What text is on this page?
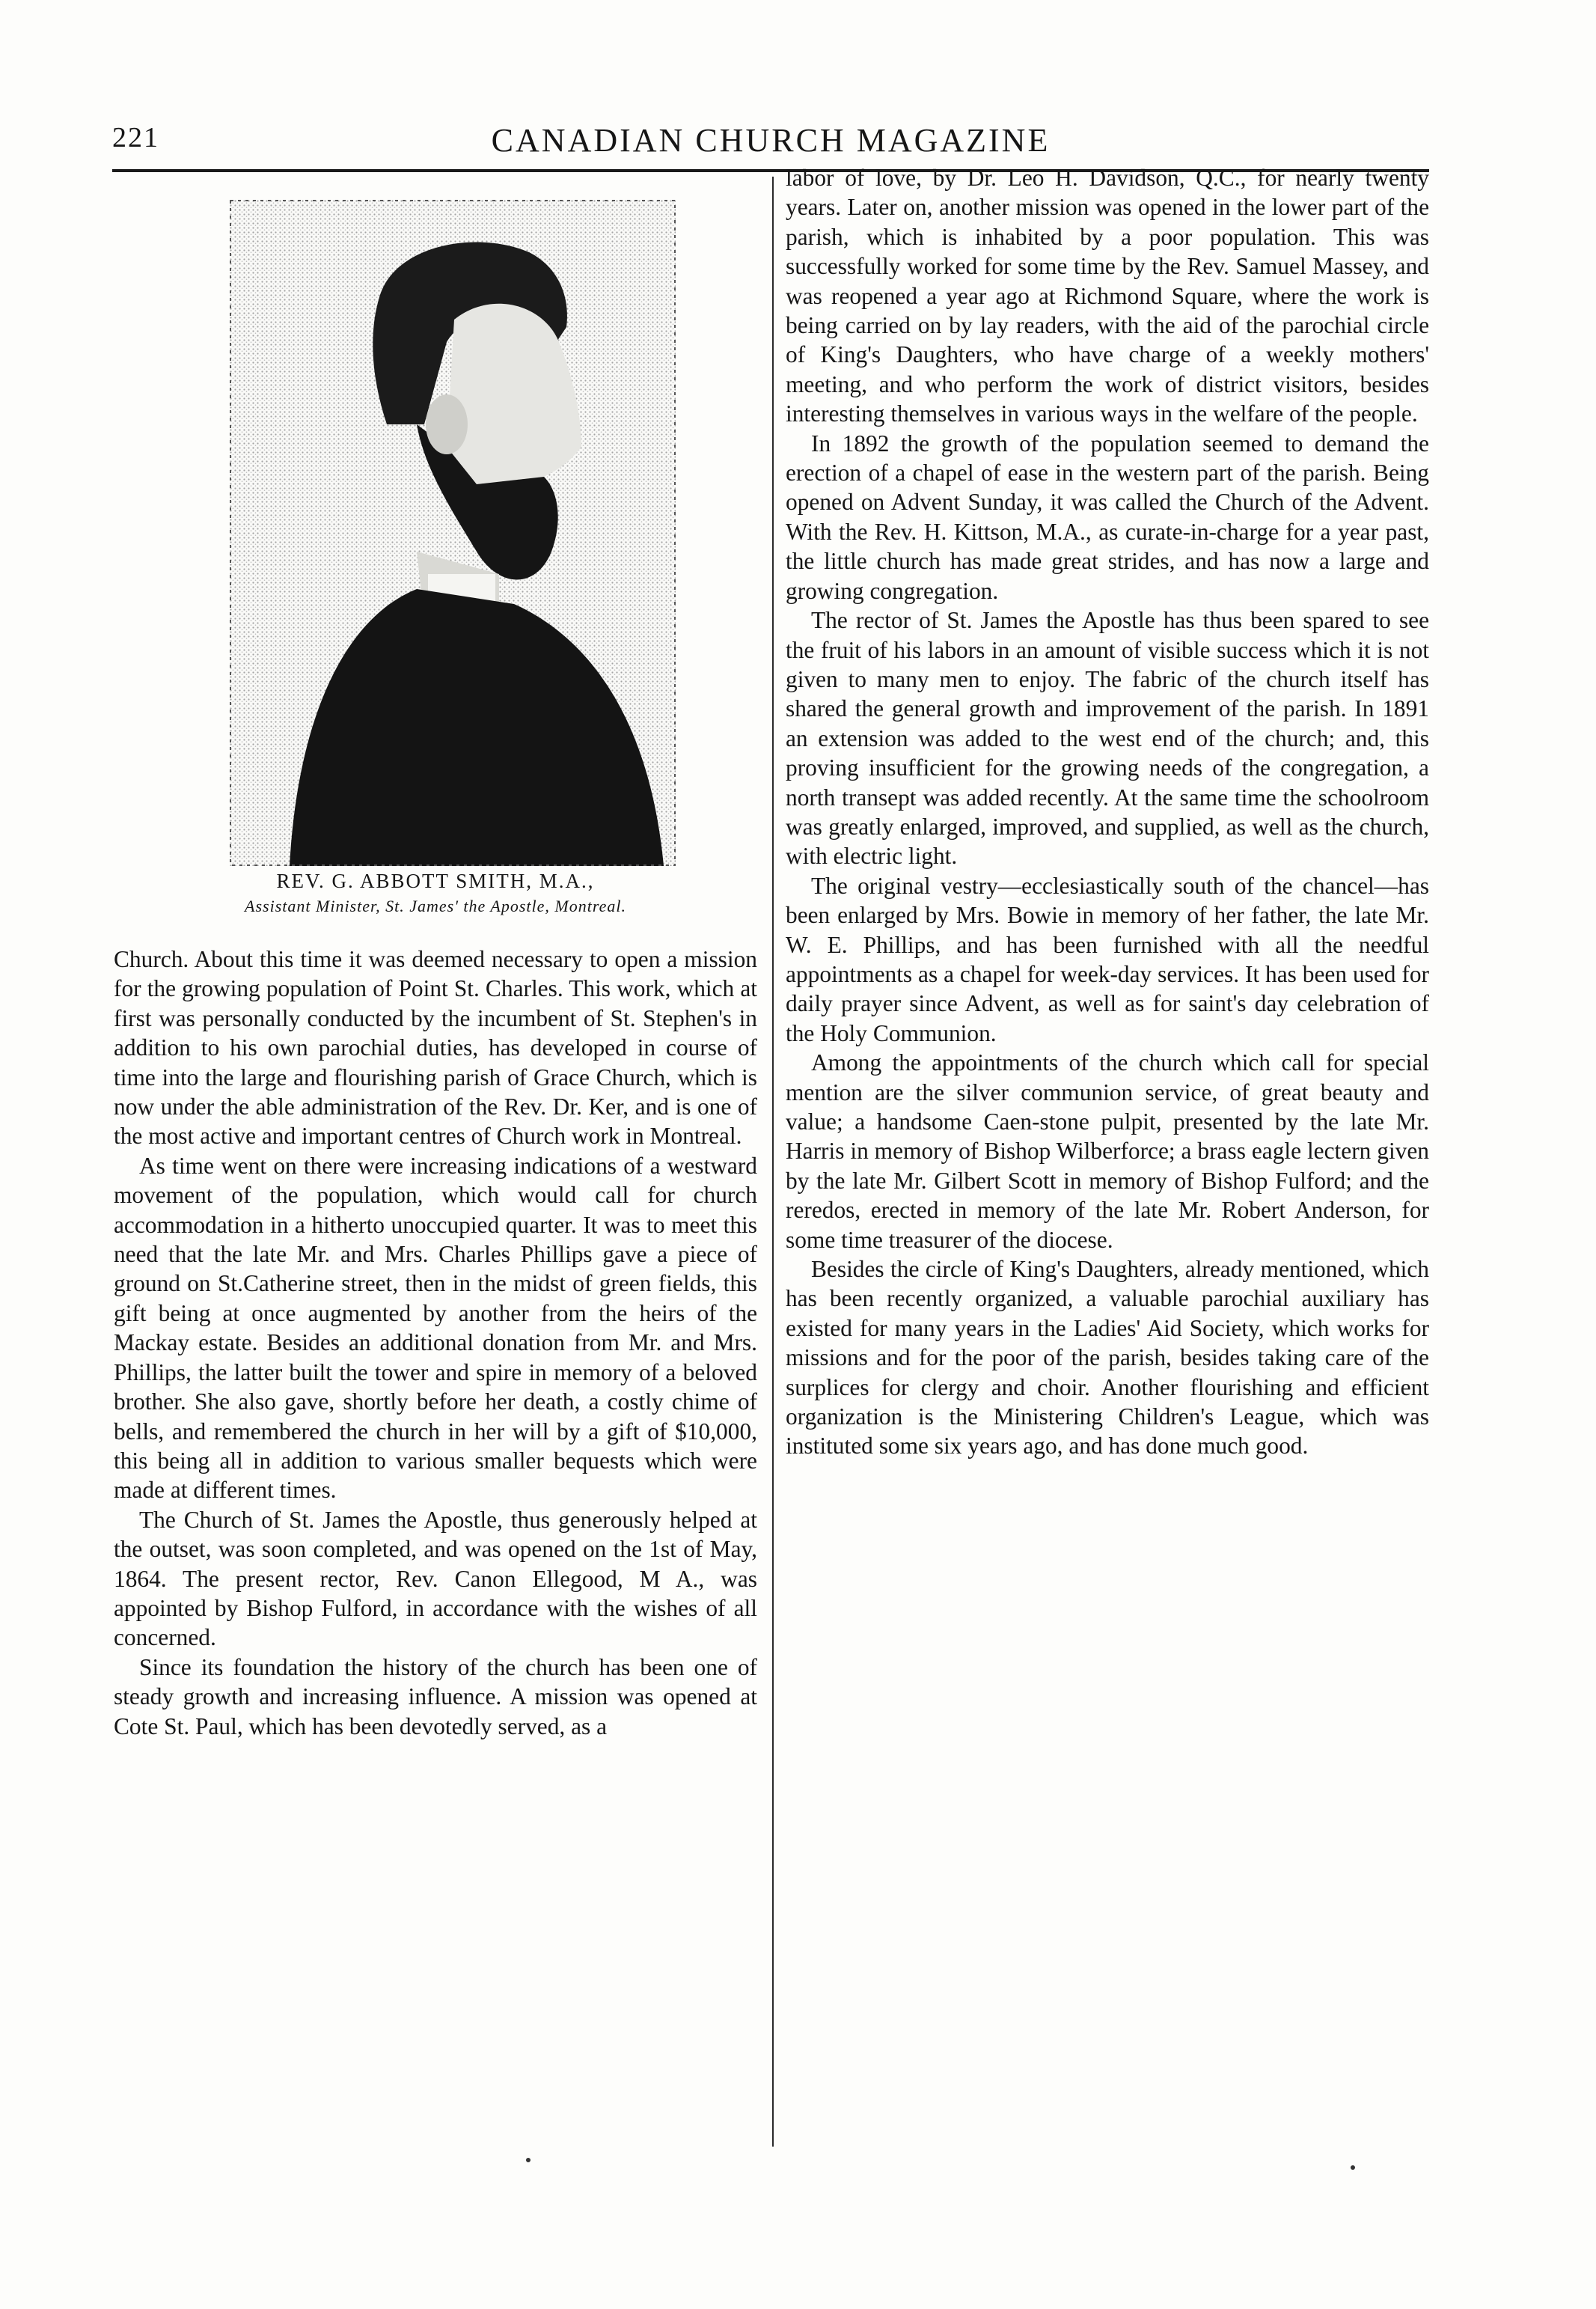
221	CANADIAN CHURCH MAGAZINE
REV. G. ABBOTT SMITH, M.A.,
Assistant Minister, St. James' the Apostle, Montreal.

Church. About this time it was deemed necessary to open a mission for the growing population of Point St. Charles. This work, which at first was personally conducted by the incumbent of St. Stephen's in addition to his own parochial duties, has developed in course of time into the large and flourishing parish of Grace Church, which is now under the able administration of the Rev. Dr. Ker, and is one of the most active and important centres of Church work in Montreal.

As time went on there were increasing indications of a westward movement of the population, which would call for church accommodation in a hitherto unoccupied quarter. It was to meet this need that the late Mr. and Mrs. Charles Phillips gave a piece of ground on St.Catherine street, then in the midst of green fields, this gift being at once augmented by another from the heirs of the Mackay estate. Besides an additional donation from Mr. and Mrs. Phillips, the latter built the tower and spire in memory of a beloved brother. She also gave, shortly before her death, a costly chime of bells, and remembered the church in her will by a gift of $10,000, this being all in addition to various smaller bequests which were made at different times.

The Church of St. James the Apostle, thus generously helped at the outset, was soon completed, and was opened on the 1st of May, 1864. The present rector, Rev. Canon Ellegood, M A., was appointed by Bishop Fulford, in accordance with the wishes of all concerned.

Since its foundation the history of the church has been one of steady growth and increasing influence. A mission was opened at Cote St. Paul, which has been devotedly served, as a

labor of love, by Dr. Leo H. Davidson, Q.C., for nearly twenty years. Later on, another mission was opened in the lower part of the parish, which is inhabited by a poor population. This was successfully worked for some time by the Rev. Samuel Massey, and was reopened a year ago at Richmond Square, where the work is being carried on by lay readers, with the aid of the parochial circle of King's Daughters, who have charge of a weekly mothers' meeting, and who perform the work of district visitors, besides interesting themselves in various ways in the welfare of the people.

In 1892 the growth of the population seemed to demand the erection of a chapel of ease in the western part of the parish. Being opened on Advent Sunday, it was called the Church of the Advent. With the Rev. H. Kittson, M.A., as curate-in-charge for a year past, the little church has made great strides, and has now a large and growing congregation.

The rector of St. James the Apostle has thus been spared to see the fruit of his labors in an amount of visible success which it is not given to many men to enjoy. The fabric of the church itself has shared the general growth and improvement of the parish. In 1891 an extension was added to the west end of the church; and, this proving insufficient for the growing needs of the congregation, a north transept was added recently. At the same time the schoolroom was greatly enlarged, improved, and supplied, as well as the church, with electric light.

The original vestry—ecclesiastically south of the chancel—has been enlarged by Mrs. Bowie in memory of her father, the late Mr. W. E. Phillips, and has been furnished with all the needful appointments as a chapel for week-day services. It has been used for daily prayer since Advent, as well as for saint's day celebration of the Holy Communion.

Among the appointments of the church which call for special mention are the silver communion service, of great beauty and value; a handsome Caen-stone pulpit, presented by the late Mr. Harris in memory of Bishop Wilberforce; a brass eagle lectern given by the late Mr. Gilbert Scott in memory of Bishop Fulford; and the reredos, erected in memory of the late Mr. Robert Anderson, for some time treasurer of the diocese.

Besides the circle of King's Daughters, already mentioned, which has been recently organized, a valuable parochial auxiliary has existed for many years in the Ladies' Aid Society, which works for missions and for the poor of the parish, besides taking care of the surplices for clergy and choir. Another flourishing and efficient organization is the Ministering Children's League, which was instituted some six years ago, and has done much good.
